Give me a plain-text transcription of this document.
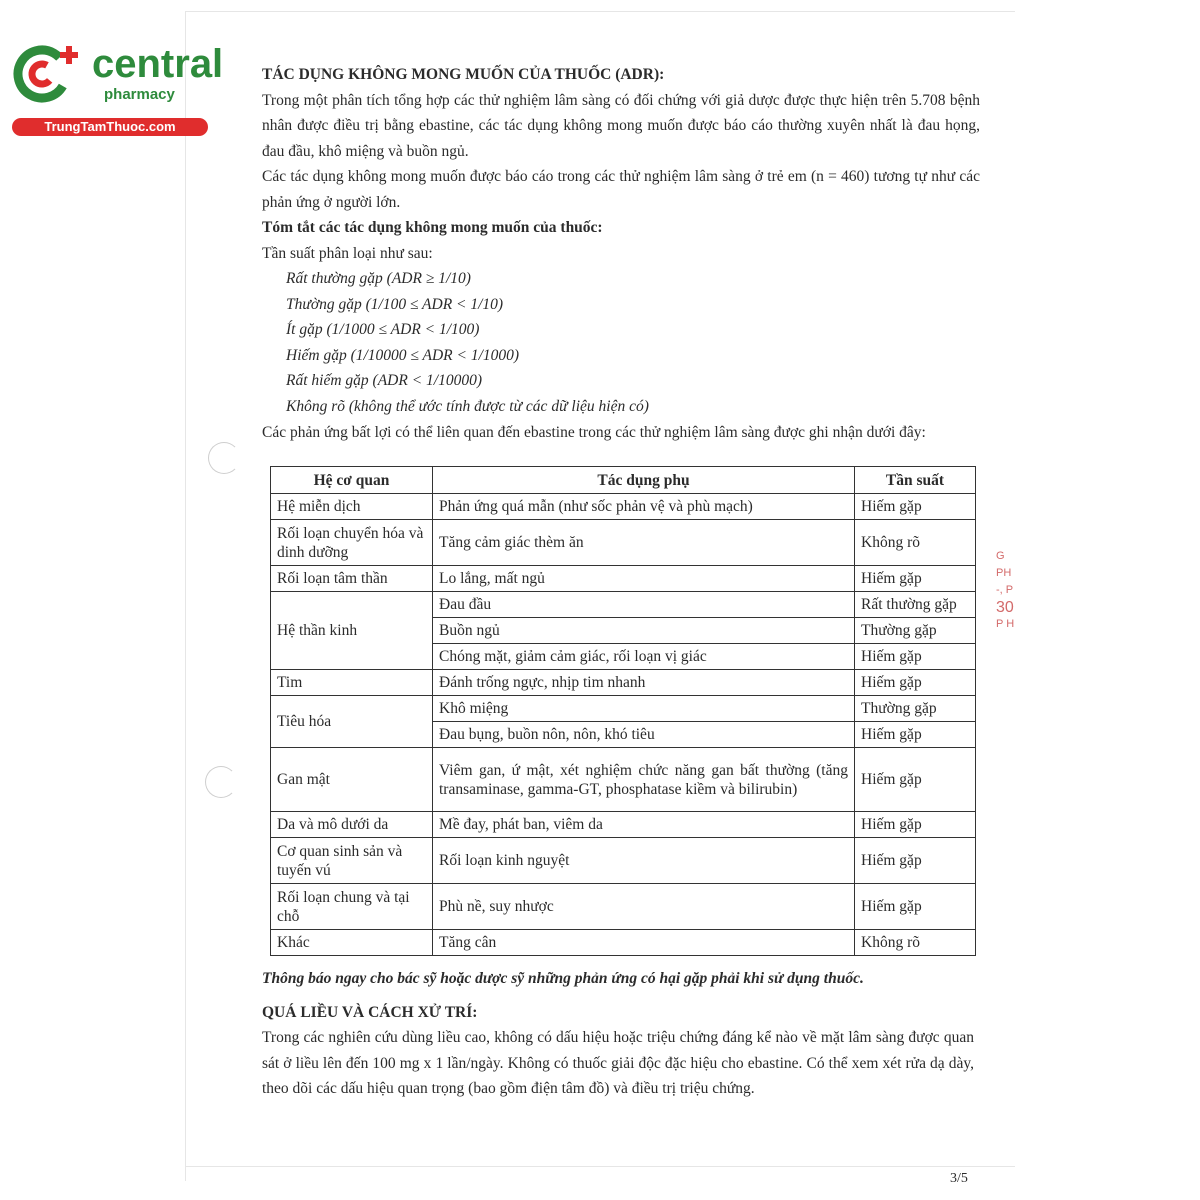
central
pharmacy
TrungTamThuoc.com
TÁC DỤNG KHÔNG MONG MUỐN CỦA THUỐC (ADR):
Trong một phân tích tổng hợp các thử nghiệm lâm sàng có đối chứng với giả dược được thực hiện trên 5.708 bệnh nhân được điều trị bằng ebastine, các tác dụng không mong muốn được báo cáo thường xuyên nhất là đau họng, đau đầu, khô miệng và buồn ngủ.
Các tác dụng không mong muốn được báo cáo trong các thử nghiệm lâm sàng ở trẻ em (n = 460) tương tự như các phản ứng ở người lớn.
Tóm tắt các tác dụng không mong muốn của thuốc:
Tần suất phân loại như sau:
Rất thường gặp (ADR ≥ 1/10)
Thường gặp (1/100 ≤ ADR < 1/10)
Ít gặp (1/1000 ≤ ADR < 1/100)
Hiếm gặp (1/10000 ≤ ADR < 1/1000)
Rất hiếm gặp (ADR < 1/10000)
Không rõ (không thể ước tính được từ các dữ liệu hiện có)
Các phản ứng bất lợi có thể liên quan đến ebastine trong các thử nghiệm lâm sàng được ghi nhận dưới đây:
Hệ cơ quan	Tác dụng phụ	Tần suất
Hệ miễn dịch	Phản ứng quá mẫn (như sốc phản vệ và phù mạch)	Hiếm gặp
Rối loạn chuyển hóa và dinh dưỡng	Tăng cảm giác thèm ăn	Không rõ
Rối loạn tâm thần	Lo lắng, mất ngủ	Hiếm gặp
Hệ thần kinh	Đau đầu	Rất thường gặp
	Buồn ngủ	Thường gặp
	Chóng mặt, giảm cảm giác, rối loạn vị giác	Hiếm gặp
Tim	Đánh trống ngực, nhịp tim nhanh	Hiếm gặp
Tiêu hóa	Khô miệng	Thường gặp
	Đau bụng, buồn nôn, nôn, khó tiêu	Hiếm gặp
Gan mật	Viêm gan, ứ mật, xét nghiệm chức năng gan bất thường (tăng transaminase, gamma-GT, phosphatase kiềm và bilirubin)	Hiếm gặp
Da và mô dưới da	Mề đay, phát ban, viêm da	Hiếm gặp
Cơ quan sinh sản và tuyến vú	Rối loạn kinh nguyệt	Hiếm gặp
Rối loạn chung và tại chỗ	Phù nề, suy nhược	Hiếm gặp
Khác	Tăng cân	Không rõ
Thông báo ngay cho bác sỹ hoặc dược sỹ những phản ứng có hại gặp phải khi sử dụng thuốc.
QUÁ LIỀU VÀ CÁCH XỬ TRÍ:
Trong các nghiên cứu dùng liều cao, không có dấu hiệu hoặc triệu chứng đáng kể nào về mặt lâm sàng được quan sát ở liều lên đến 100 mg x 1 lần/ngày. Không có thuốc giải độc đặc hiệu cho ebastine. Có thể xem xét rửa dạ dày, theo dõi các dấu hiệu quan trọng (bao gồm điện tâm đồ) và điều trị triệu chứng.
G
PH
-, P
30
P H
3/5
